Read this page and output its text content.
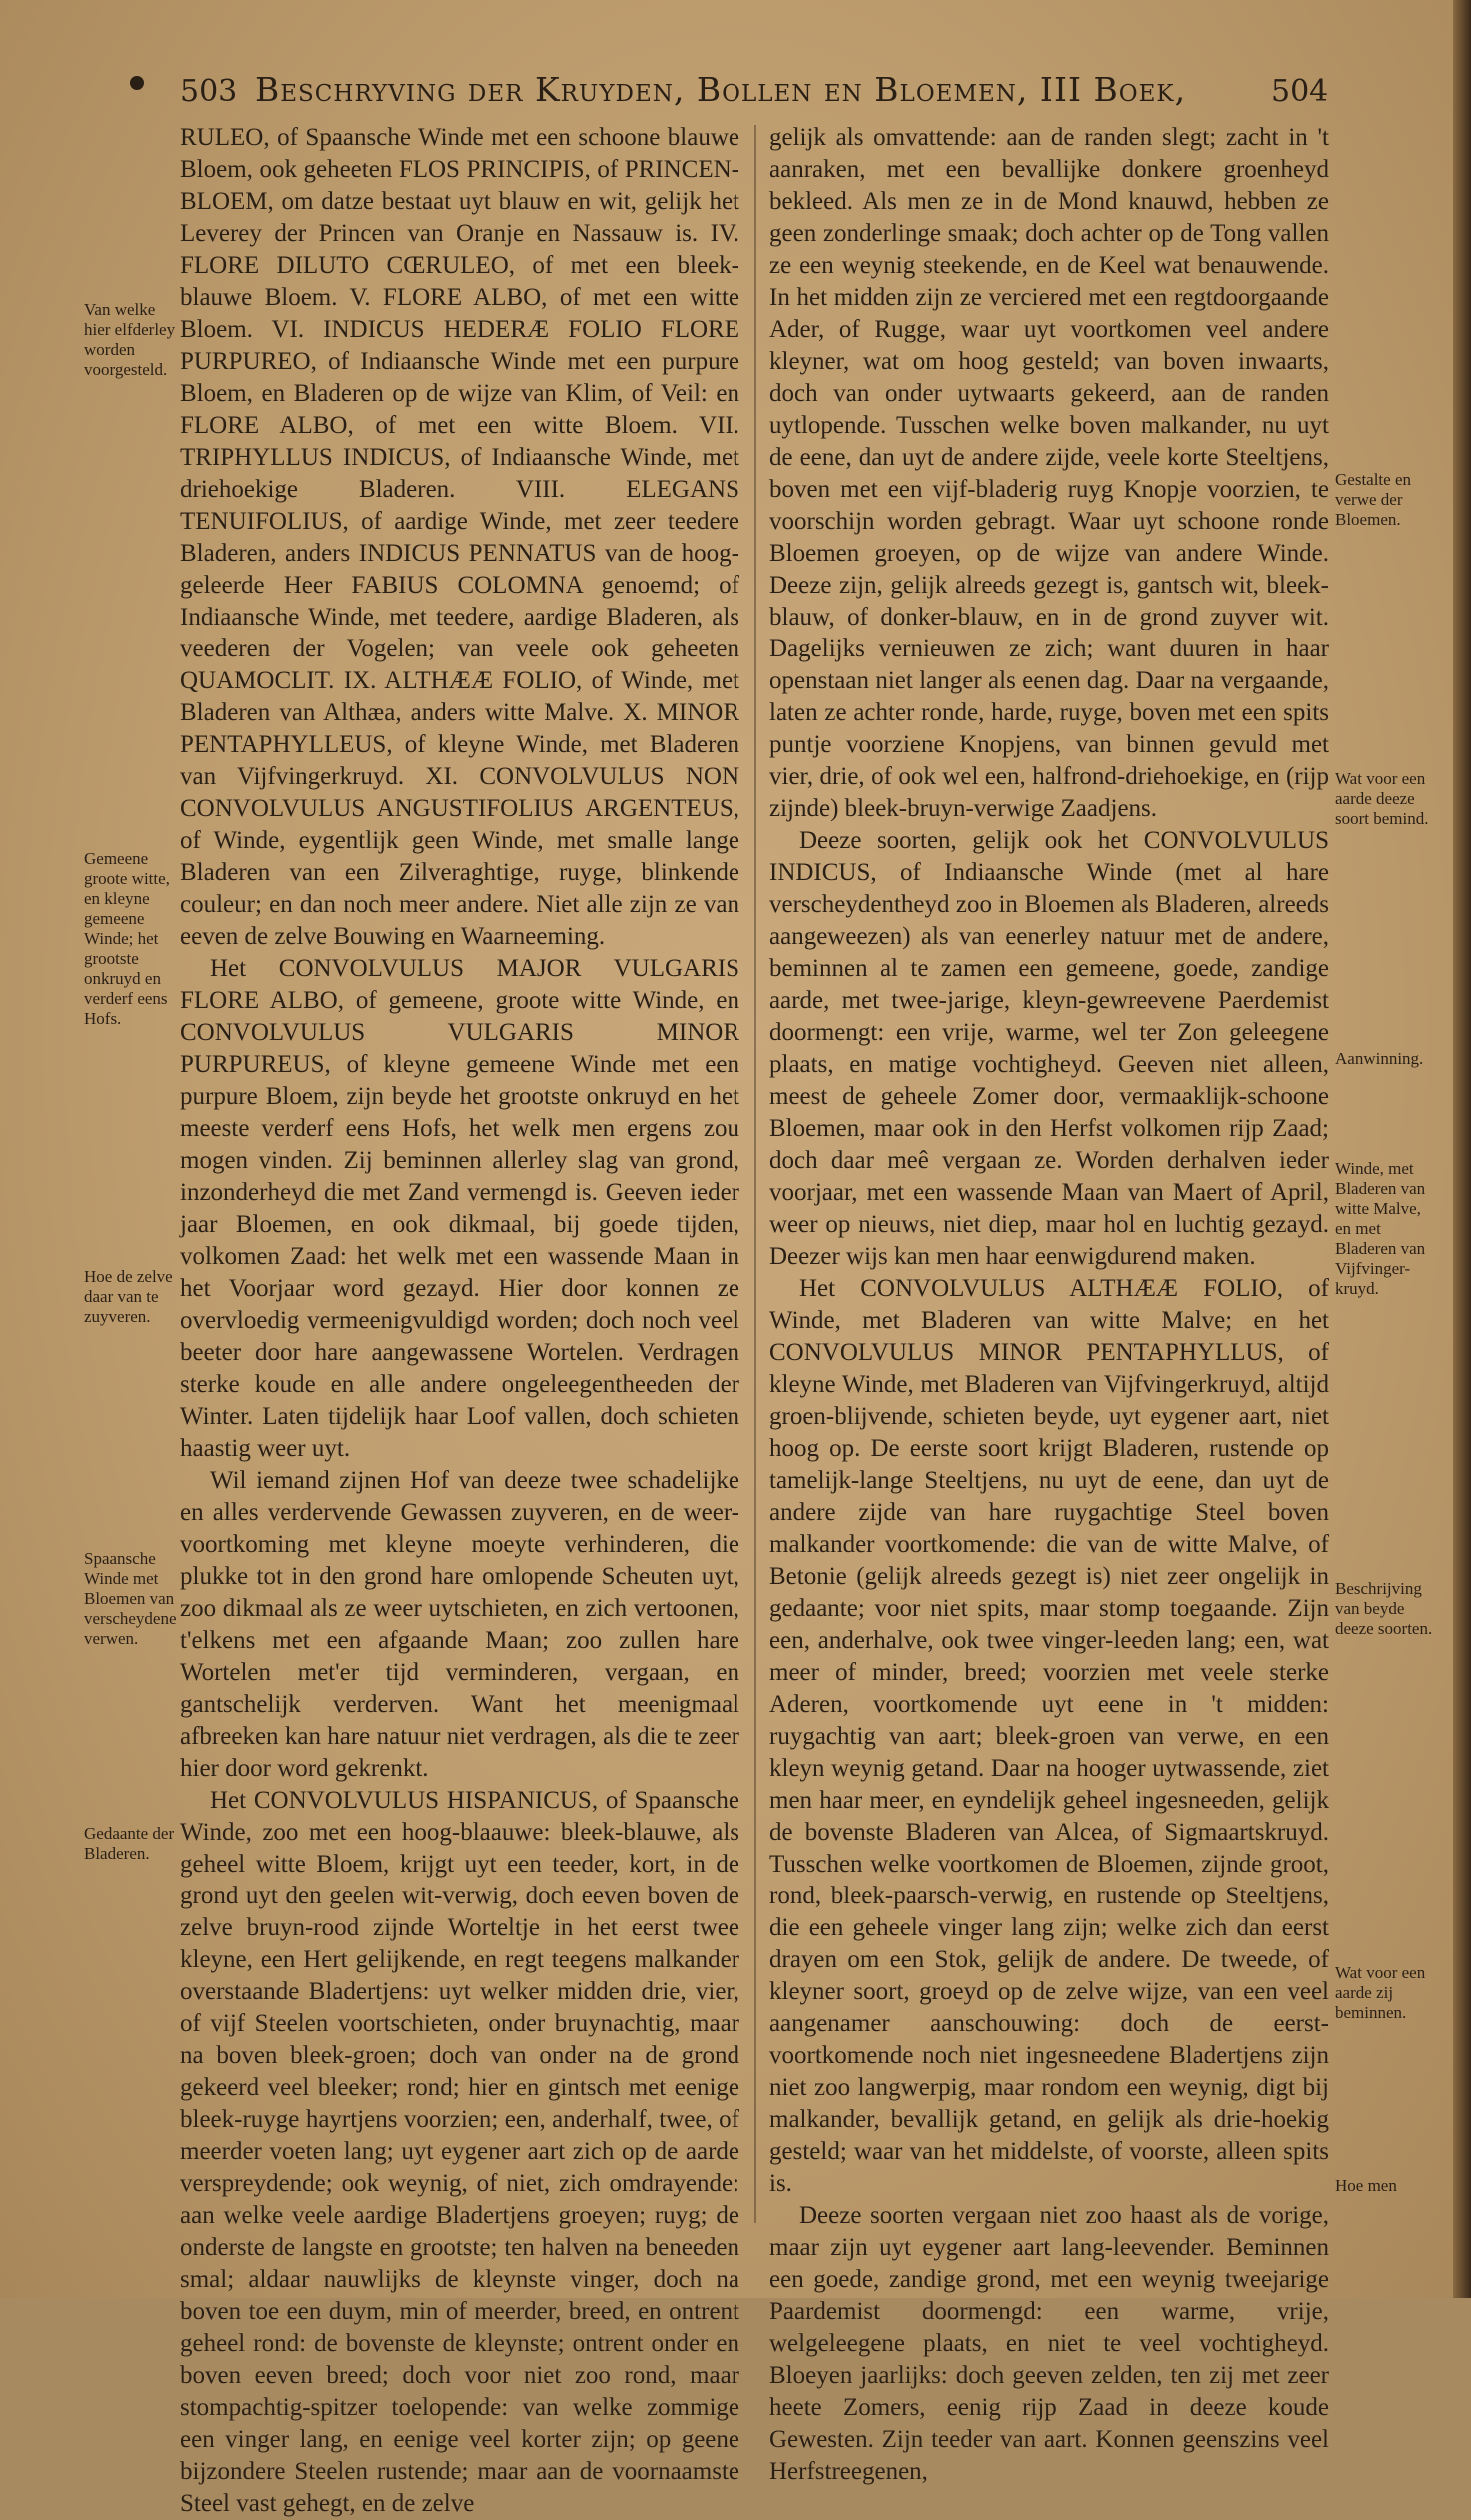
503 Beschryving der Kruyden, Bollen en Bloemen, III Boek,	504

RULEO, of Spaansche Winde met een schoone blauwe Bloem, ook geheeten FLOS PRINCIPIS, of PRINCEN-BLOEM, om datze bestaat uyt blauw en wit, gelijk het Leverey der Princen van Oranje en Nassauw is. IV. FLORE DILUTO CŒRULEO, of met een bleek-blauwe Bloem. V. FLORE ALBO, of met een witte Bloem. VI. INDICUS HEDERÆ FOLIO FLORE PURPUREO, of Indiaansche Winde met een purpure Bloem, en Bladeren op de wijze van Klim, of Veil: en FLORE ALBO, of met een witte Bloem. VII. TRIPHYLLUS INDICUS, of Indiaansche Winde, met driehoekige Bladeren. VIII. ELEGANS TENUIFOLIUS, of aardige Winde, met zeer teedere Bladeren, anders INDICUS PENNATUS van de hoog-geleerde Heer FABIUS COLOMNA genoemd; of Indiaansche Winde, met teedere, aardige Bladeren, als veederen der Vogelen; van veele ook geheeten QUAMOCLIT. IX. ALTHÆÆ FOLIO, of Winde, met Bladeren van Althæa, anders witte Malve. X. MINOR PENTAPHYLLEUS, of kleyne Winde, met Bladeren van Vijfvingerkruyd. XI. CONVOLVULUS NON CONVOLVULUS ANGUSTIFOLIUS ARGENTEUS, of Winde, eygentlijk geen Winde, met smalle lange Bladeren van een Zilveraghtige, ruyge, blinkende couleur; en dan noch meer andere. Niet alle zijn ze van eeven de zelve Bouwing en Waarneeming.

Het CONVOLVULUS MAJOR VULGARIS FLORE ALBO, of gemeene, groote witte Winde, en CONVOLVULUS VULGARIS MINOR PURPUREUS, of kleyne gemeene Winde met een purpure Bloem, zijn beyde het grootste onkruyd en het meeste verderf eens Hofs, het welk men ergens zou mogen vinden. Zij beminnen allerley slag van grond, inzonderheyd die met Zand vermengd is. Geeven ieder jaar Bloemen, en ook dikmaal, bij goede tijden, volkomen Zaad: het welk met een wassende Maan in het Voorjaar word gezayd. Hier door konnen ze overvloedig vermeenigvuldigd worden; doch noch veel beeter door hare aangewassene Wortelen. Verdragen sterke koude en alle andere ongeleegentheeden der Winter. Laten tijdelijk haar Loof vallen, doch schieten haastig weer uyt.

Wil iemand zijnen Hof van deeze twee schadelijke en alles verdervende Gewassen zuyveren, en de weer-voortkoming met kleyne moeyte verhinderen, die plukke tot in den grond hare omlopende Scheuten uyt, zoo dikmaal als ze weer uytschieten, en zich vertoonen, t'elkens met een afgaande Maan; zoo zullen hare Wortelen met'er tijd verminderen, vergaan, en gantschelijk verderven. Want het meenigmaal afbreeken kan hare natuur niet verdragen, als die te zeer hier door word gekrenkt.

Het CONVOLVULUS HISPANICUS, of Spaansche Winde, zoo met een hoog-blaauwe: bleek-blauwe, als geheel witte Bloem, krijgt uyt een teeder, kort, in de grond uyt den geelen wit-verwig, doch eeven boven de zelve bruyn-rood zijnde Worteltje in het eerst twee kleyne, een Hert gelijkende, en regt teegens malkander overstaande Bladertjens: uyt welker midden drie, vier, of vijf Steelen voortschieten, onder bruynachtig, maar na boven bleek-groen; doch van onder na de grond gekeerd veel bleeker; rond; hier en gintsch met eenige bleek-ruyge hayrtjens voorzien; een, anderhalf, twee, of meerder voeten lang; uyt eygener aart zich op de aarde verspreydende; ook weynig, of niet, zich omdrayende: aan welke veele aardige Bladertjens groeyen; ruyg; de onderste de langste en grootste; ten halven na beneeden smal; aldaar nauwlijks de kleynste vinger, doch na boven toe een duym, min of meerder, breed, en ontrent geheel rond: de bovenste de kleynste; ontrent onder en boven eeven breed; doch voor niet zoo rond, maar stompachtig-spitzer toelopende: van welke zommige een vinger lang, en eenige veel korter zijn; op geene bijzondere Steelen rustende; maar aan de voornaamste Steel vast gehegt, en de zelve

gelijk als omvattende: aan de randen slegt; zacht in 't aanraken, met een bevallijke donkere groenheyd bekleed. Als men ze in de Mond knauwd, hebben ze geen zonderlinge smaak; doch achter op de Tong vallen ze een weynig steekende, en de Keel wat benauwende. In het midden zijn ze verciered met een regtdoorgaande Ader, of Rugge, waar uyt voortkomen veel andere kleyner, wat om hoog gesteld; van boven inwaarts, doch van onder uytwaarts gekeerd, aan de randen uytlopende. Tusschen welke boven malkander, nu uyt de eene, dan uyt de andere zijde, veele korte Steeltjens, boven met een vijf-bladerig ruyg Knopje voorzien, te voorschijn worden gebragt. Waar uyt schoone ronde Bloemen groeyen, op de wijze van andere Winde. Deeze zijn, gelijk alreeds gezegt is, gantsch wit, bleek-blauw, of donker-blauw, en in de grond zuyver wit. Dagelijks vernieuwen ze zich; want duuren in haar openstaan niet langer als eenen dag. Daar na vergaande, laten ze achter ronde, harde, ruyge, boven met een spits puntje voorziene Knopjens, van binnen gevuld met vier, drie, of ook wel een, halfrond-driehoekige, en (rijp zijnde) bleek-bruyn-verwige Zaadjens.

Deeze soorten, gelijk ook het CONVOLVULUS INDICUS, of Indiaansche Winde (met al hare verscheydentheyd zoo in Bloemen als Bladeren, alreeds aangeweezen) als van eenerley natuur met de andere, beminnen al te zamen een gemeene, goede, zandige aarde, met twee-jarige, kleyn-gewreevene Paerdemist doormengt: een vrije, warme, wel ter Zon geleegene plaats, en matige vochtigheyd. Geeven niet alleen, meest de geheele Zomer door, vermaaklijk-schoone Bloemen, maar ook in den Herfst volkomen rijp Zaad; doch daar meê vergaan ze. Worden derhalven ieder voorjaar, met een wassende Maan van Maert of April, weer op nieuws, niet diep, maar hol en luchtig gezayd. Deezer wijs kan men haar eenwigdurend maken.

Het CONVOLVULUS ALTHÆÆ FOLIO, of Winde, met Bladeren van witte Malve; en het CONVOLVULUS MINOR PENTAPHYLLUS, of kleyne Winde, met Bladeren van Vijfvingerkruyd, altijd groen-blijvende, schieten beyde, uyt eygener aart, niet hoog op. De eerste soort krijgt Bladeren, rustende op tamelijk-lange Steeltjens, nu uyt de eene, dan uyt de andere zijde van hare ruygachtige Steel boven malkander voortkomende: die van de witte Malve, of Betonie (gelijk alreeds gezegt is) niet zeer ongelijk in gedaante; voor niet spits, maar stomp toegaande. Zijn een, anderhalve, ook twee vinger-leeden lang; een, wat meer of minder, breed; voorzien met veele sterke Aderen, voortkomende uyt eene in 't midden: ruygachtig van aart; bleek-groen van verwe, en een kleyn weynig getand. Daar na hooger uytwassende, ziet men haar meer, en eyndelijk geheel ingesneeden, gelijk de bovenste Bladeren van Alcea, of Sigmaartskruyd. Tusschen welke voortkomen de Bloemen, zijnde groot, rond, bleek-paarsch-verwig, en rustende op Steeltjens, die een geheele vinger lang zijn; welke zich dan eerst drayen om een Stok, gelijk de andere. De tweede, of kleyner soort, groeyd op de zelve wijze, van een veel aangenamer aanschouwing: doch de eerst-voortkomende noch niet ingesneedene Bladertjens zijn niet zoo langwerpig, maar rondom een weynig, digt bij malkander, bevallijk getand, en gelijk als drie-hoekig gesteld; waar van het middelste, of voorste, alleen spits is.

Deeze soorten vergaan niet zoo haast als de vorige, maar zijn uyt eygener aart lang-leevender. Beminnen een goede, zandige grond, met een weynig tweejarige Paardemist doormengd: een warme, vrije, welgeleegene plaats, en niet te veel vochtigheyd. Bloeyen jaarlijks: doch geeven zelden, ten zij met zeer heete Zomers, eenig rijp Zaad in deeze koude Gewesten. Zijn teeder van aart. Konnen geenszins veel Herfstreegenen,

Van welke hier elfderley worden voorgesteld.
Gemeene groote witte, en kleyne gemeene Winde; het grootste onkruyd en verderf eens Hofs.
Hoe de zelve daar van te zuyveren.
Spaansche Winde met Bloemen van verscheydene verwen.
Gedaante der Bladeren.
Gestalte en verwe der Bloemen.
Wat voor een aarde deeze soort bemind.
Aanwinning.
Winde, met Bladeren van witte Malve, en met Bladeren van Vijfvinger-kruyd.
Beschrijving van beyde deeze soorten.
Wat voor een aarde zij beminnen.
Hoe men
